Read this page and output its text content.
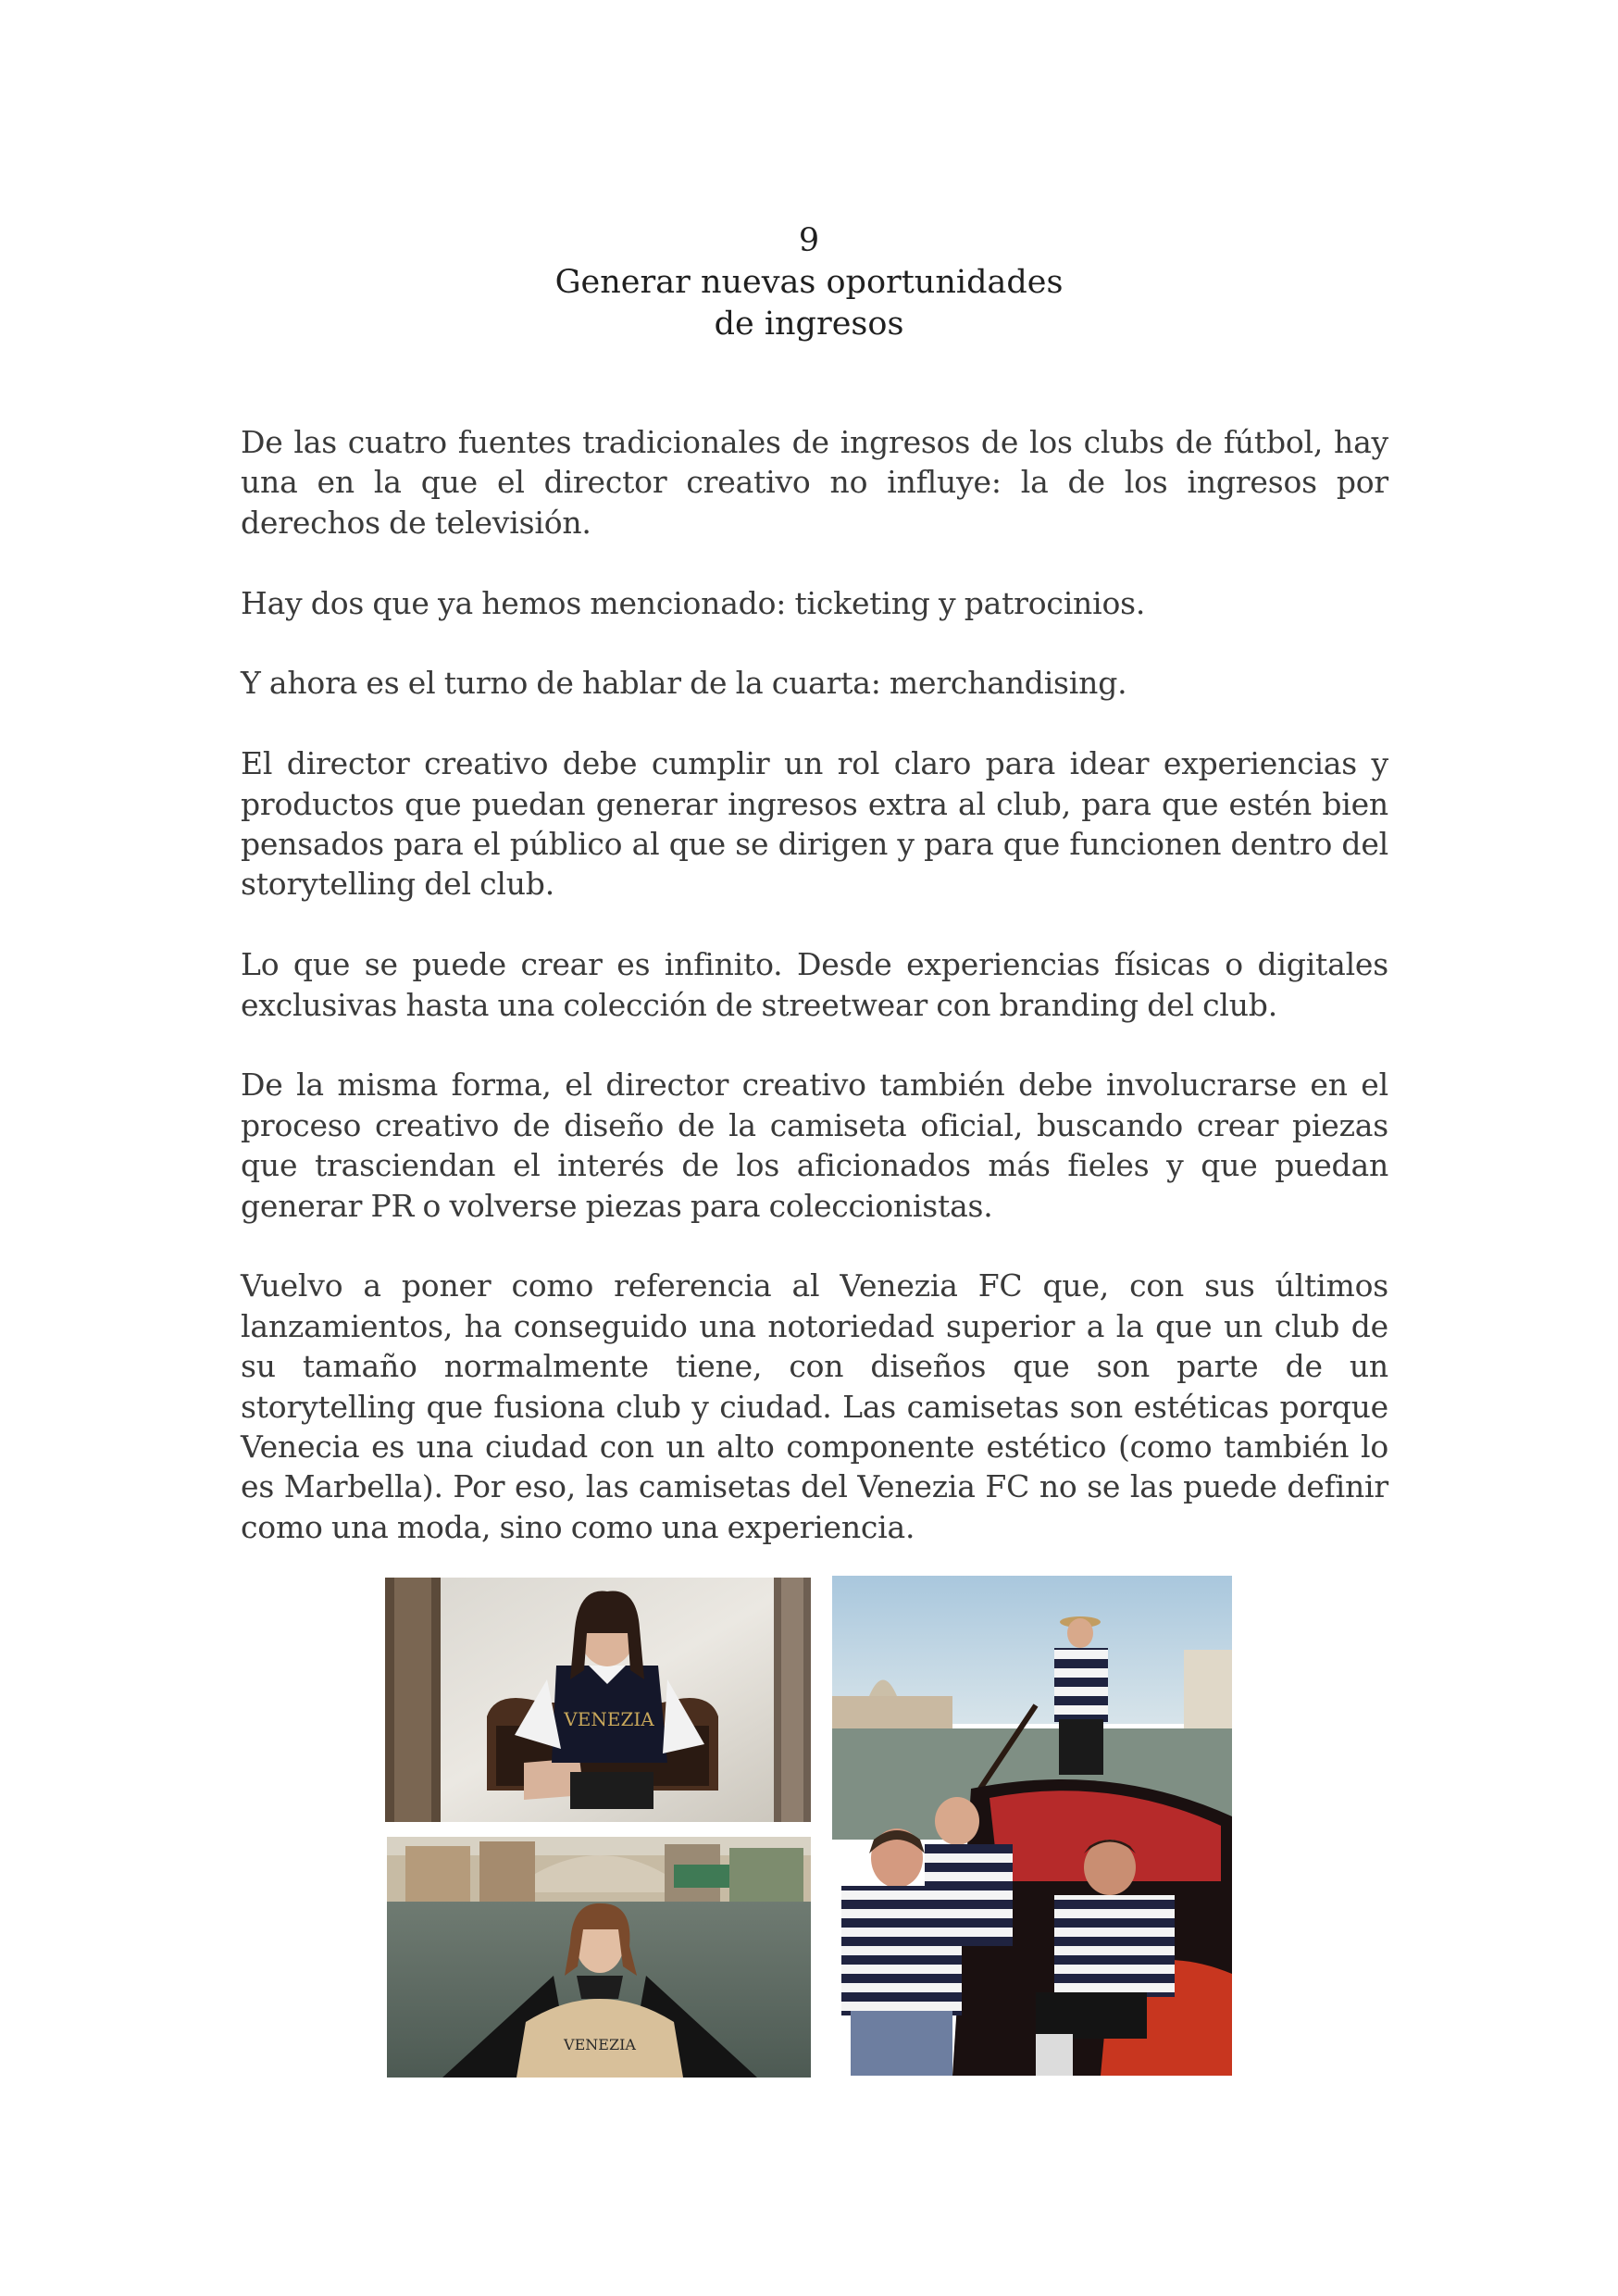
9
Generar nuevas oportunidades
de ingresos

De las cuatro fuentes tradicionales de ingresos de los clubs de fútbol, hay una en la que el director creativo no influye: la de los ingresos por derechos de televisión.

Hay dos que ya hemos mencionado: ticketing y patrocinios.

Y ahora es el turno de hablar de la cuarta: merchandising.

El director creativo debe cumplir un rol claro para idear experiencias y productos que puedan generar ingresos extra al club, para que estén bien pensados para el público al que se dirigen y para que funcionen dentro del storytelling del club.

Lo que se puede crear es infinito. Desde experiencias físicas o digitales exclusivas hasta una colección de streetwear con branding del club.

De la misma forma, el director creativo también debe involucrarse en el proceso creativo de diseño de la camiseta oficial, buscando crear piezas que trasciendan el interés de los aficionados más fieles y que puedan generar PR o volverse piezas para coleccionistas.

Vuelvo a poner como referencia al Venezia FC que, con sus últimos lanzamientos, ha conseguido una notoriedad superior a la que un club de su tamaño normalmente tiene, con diseños que son parte de un storytelling que fusiona club y ciudad. Las camisetas son estéticas porque Venecia es una ciudad con un alto componente estético (como también lo es Marbella). Por eso, las camisetas del Venezia FC no se las puede definir como una moda, sino como una experiencia.

VENEZIA
VENEZIA
